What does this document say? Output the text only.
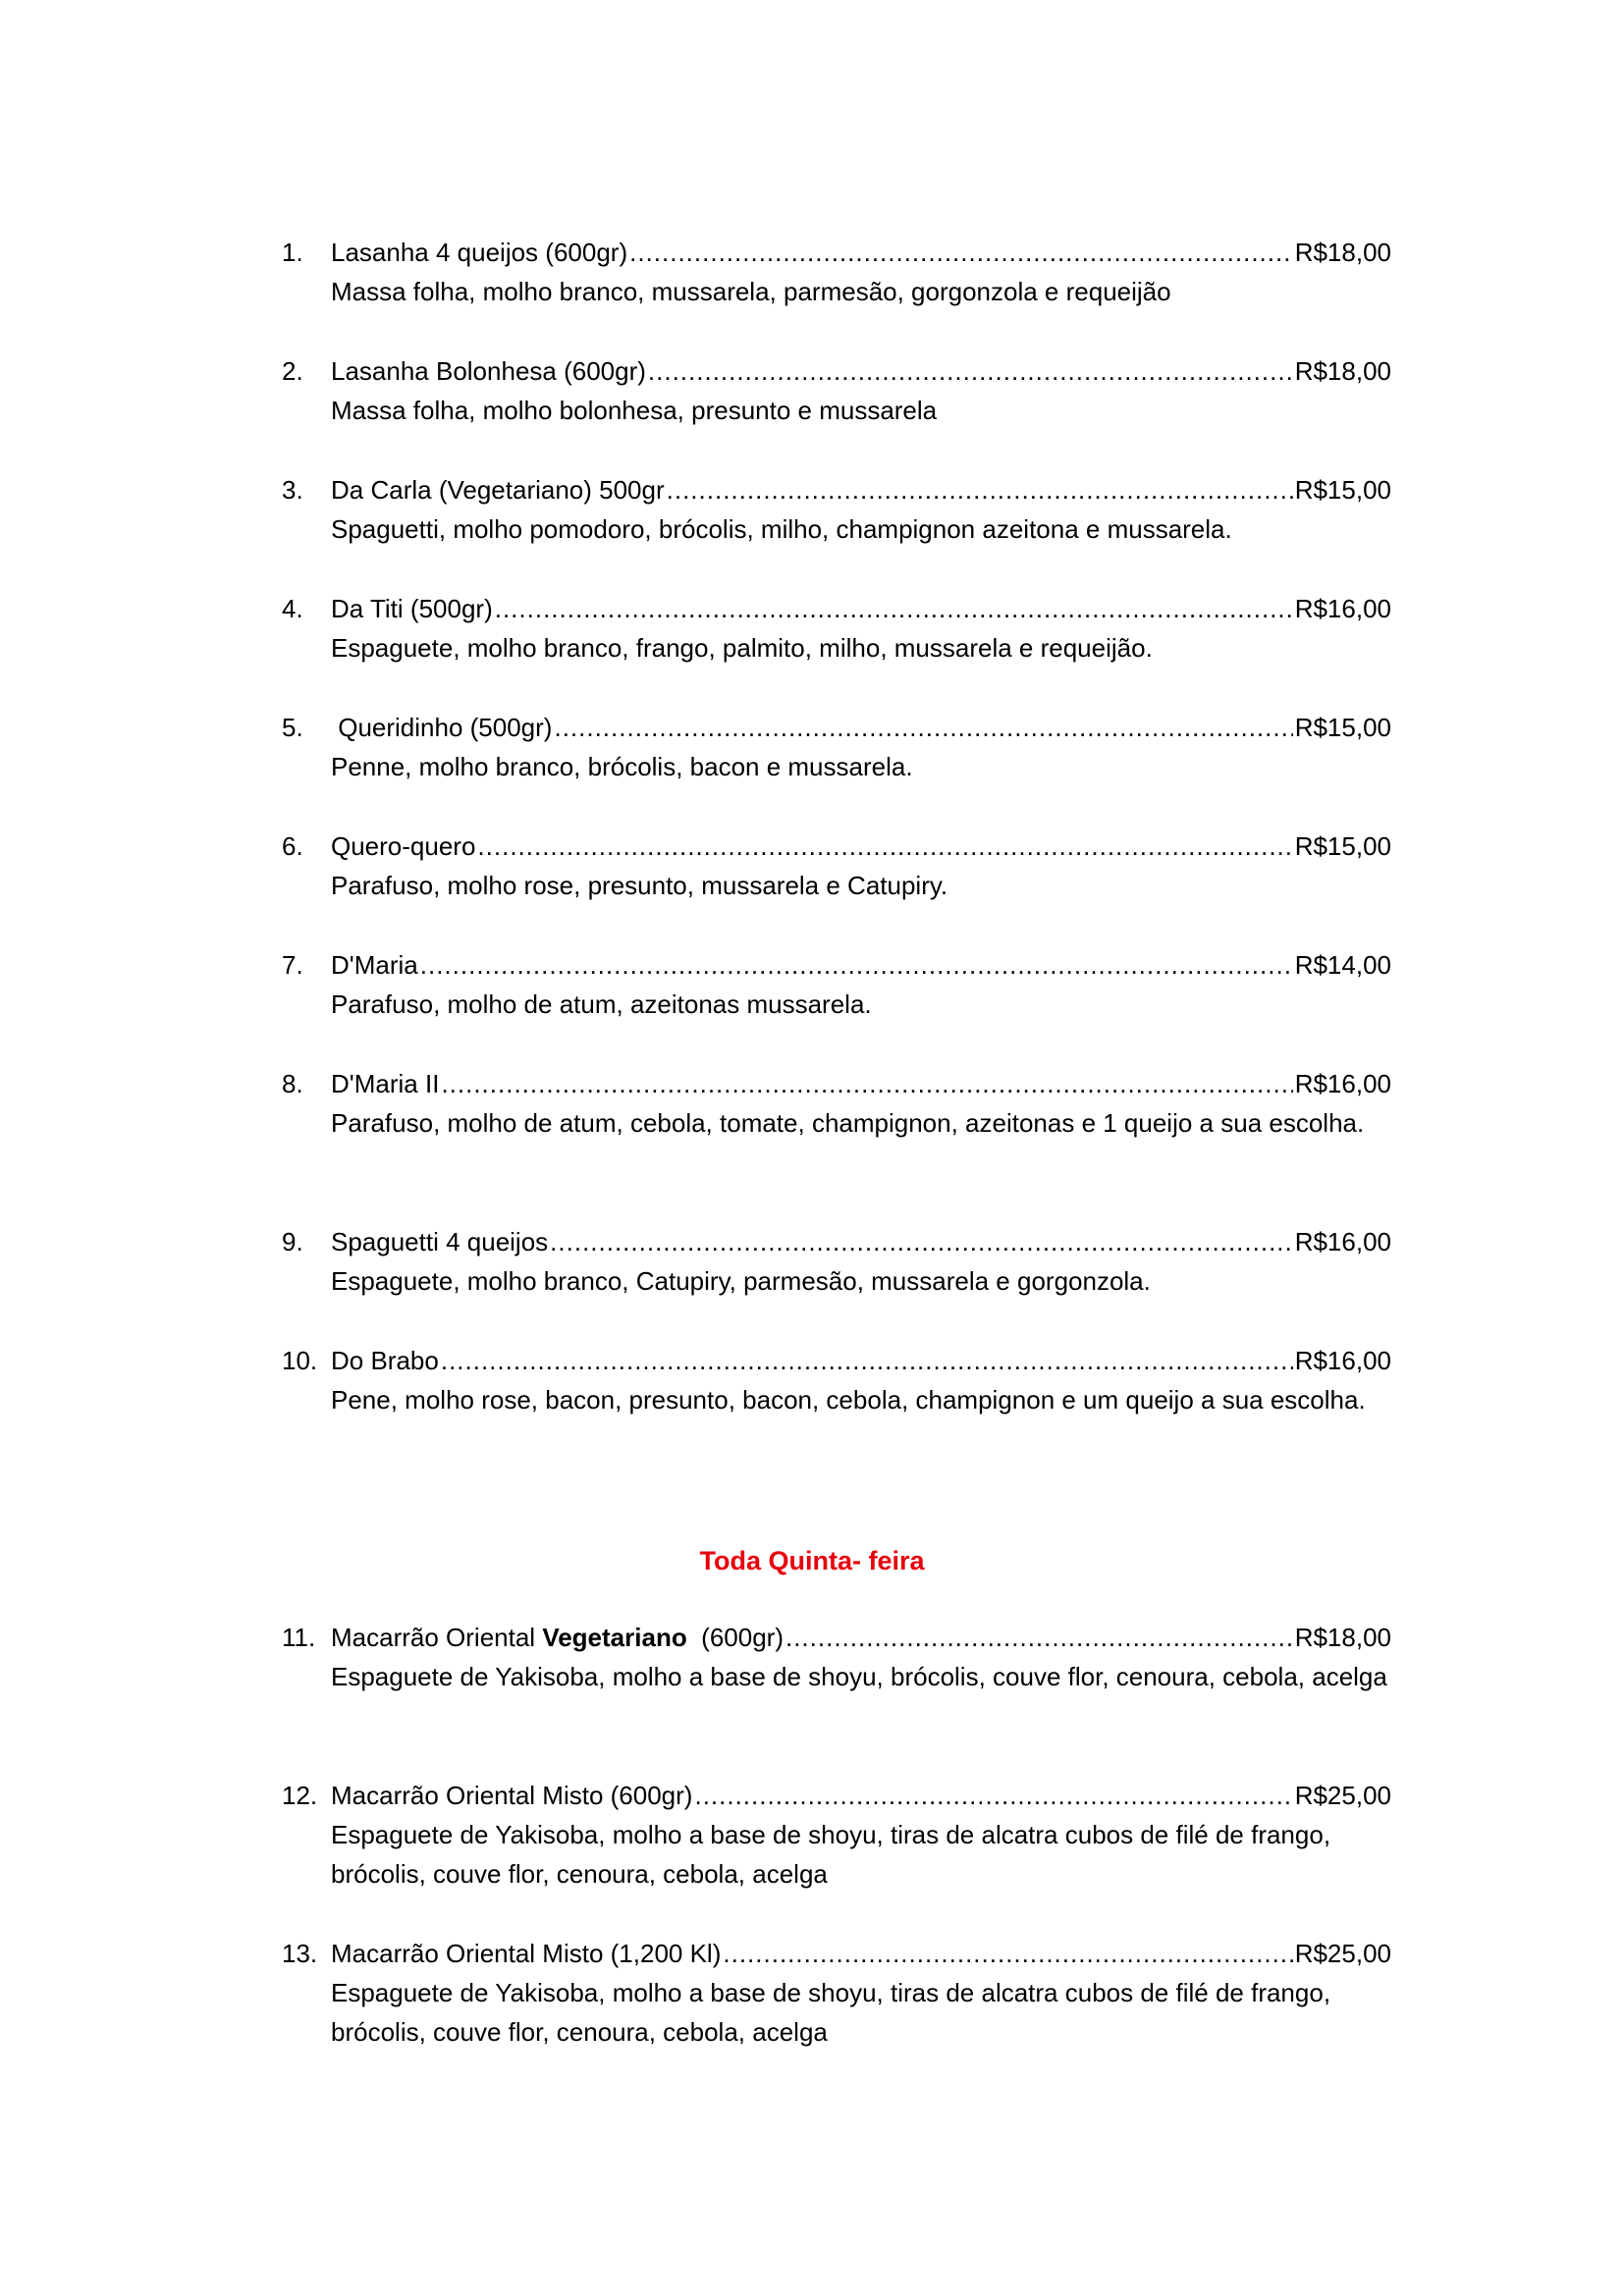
1. Lasanha 4 queijos (600gr) .....	R$18,00
Massa folha, molho branco, mussarela, parmesão, gorgonzola e requeijão
2. Lasanha Bolonhesa (600gr) .....	R$18,00
Massa folha, molho bolonhesa, presunto e mussarela
3. Da Carla (Vegetariano) 500gr .....	R$15,00
Spaguetti, molho pomodoro, brócolis, milho, champignon azeitona e mussarela.
4. Da Titi (500gr) .....	R$16,00
Espaguete, molho branco, frango, palmito, milho, mussarela e requeijão.
5. Queridinho (500gr) .....	R$15,00
Penne, molho branco, brócolis, bacon e mussarela.
6. Quero-quero .....	R$15,00
Parafuso, molho rose, presunto, mussarela e Catupiry.
7. D'Maria .....	R$14,00
Parafuso, molho de atum, azeitonas mussarela.
8. D'Maria II .....	R$16,00
Parafuso, molho de atum, cebola, tomate, champignon, azeitonas e 1 queijo a sua escolha.
9. Spaguetti 4 queijos .....	R$16,00
Espaguete, molho branco, Catupiry, parmesão, mussarela e gorgonzola.
10. Do Brabo .....	R$16,00
Pene, molho rose, bacon, presunto, bacon, cebola, champignon e um queijo a sua escolha.
Toda Quinta- feira
11. Macarrão Oriental Vegetariano  (600gr) .....	R$18,00
Espaguete de Yakisoba, molho a base de shoyu, brócolis, couve flor, cenoura, cebola, acelga
12. Macarrão Oriental Misto (600gr) .....	R$25,00
Espaguete de Yakisoba, molho a base de shoyu, tiras de alcatra cubos de filé de frango, brócolis, couve flor, cenoura, cebola, acelga
13. Macarrão Oriental Misto (1,200 Kl) .....	R$25,00
Espaguete de Yakisoba, molho a base de shoyu, tiras de alcatra cubos de filé de frango, brócolis, couve flor, cenoura, cebola, acelga
